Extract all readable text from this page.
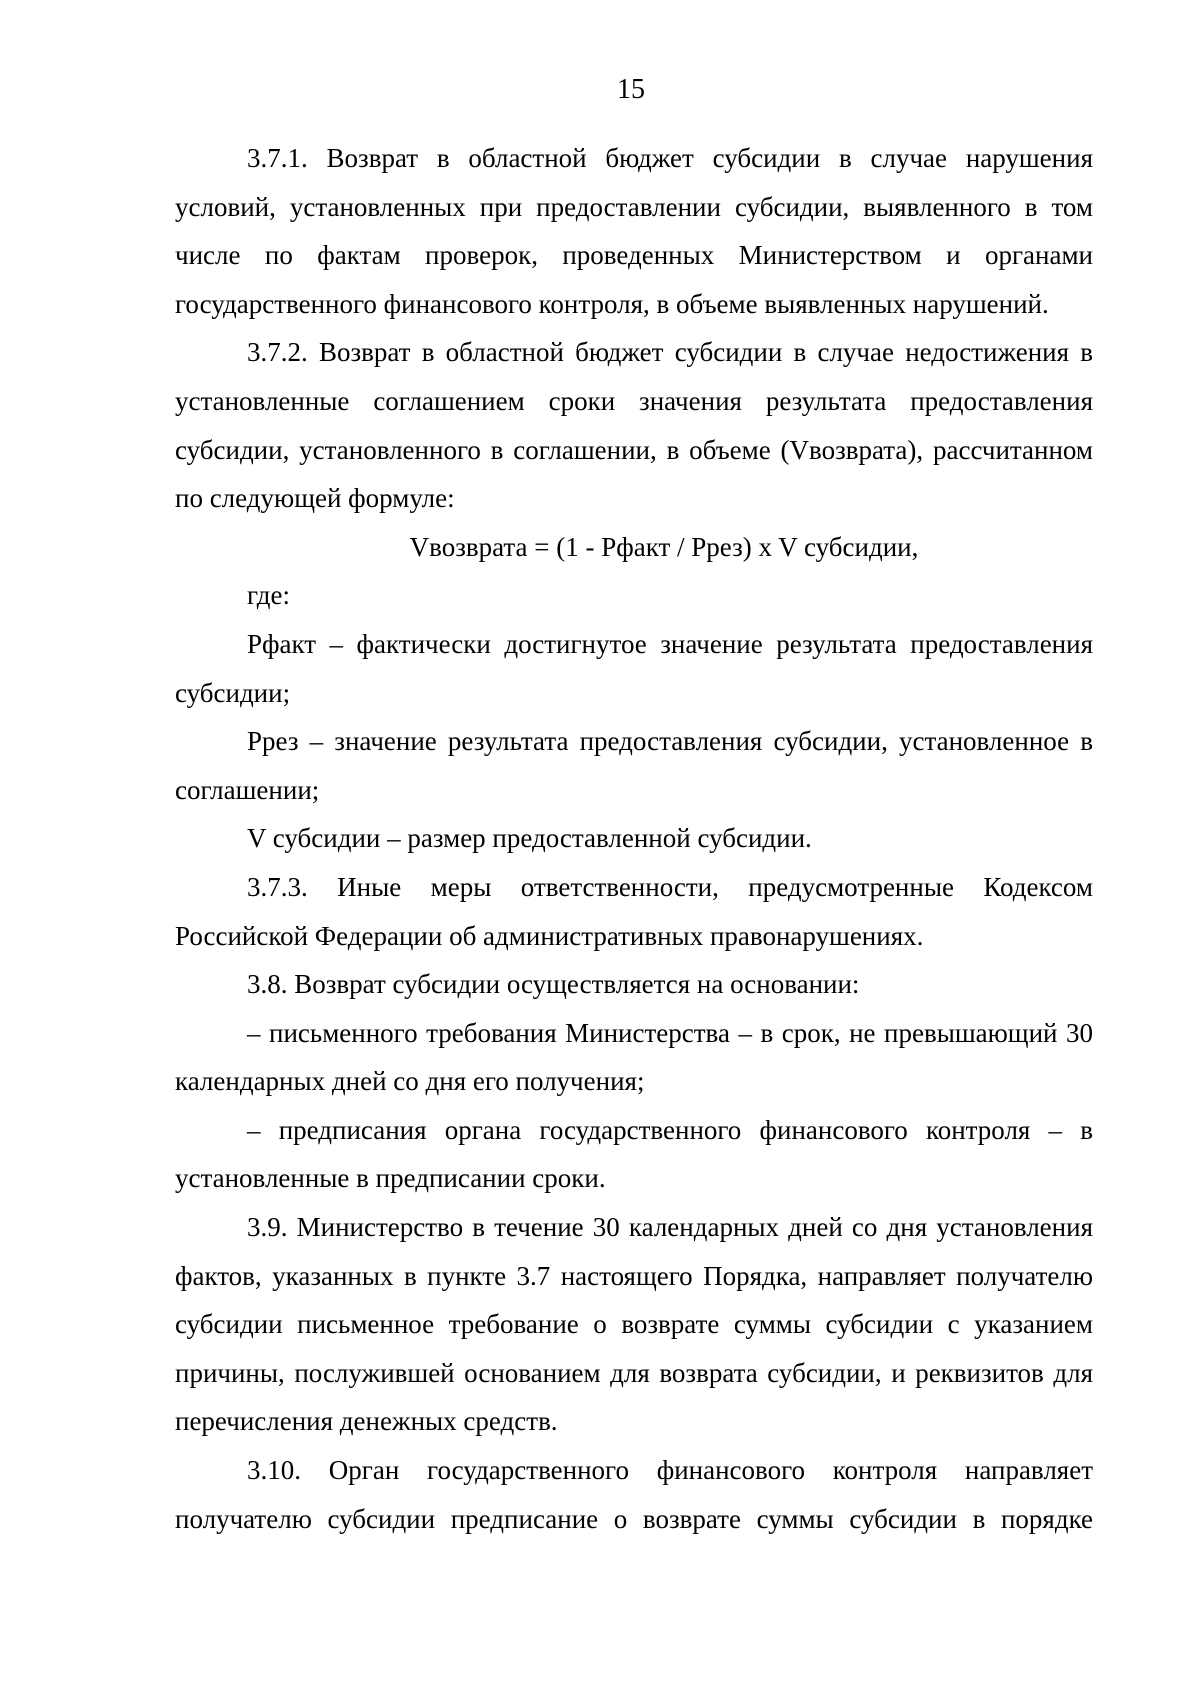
15

3.7.1. Возврат в областной бюджет субсидии в случае нарушения условий, установленных при предоставлении субсидии, выявленного в том числе по фактам проверок, проведенных Министерством и органами государственного финансового контроля, в объеме выявленных нарушений.

3.7.2. Возврат в областной бюджет субсидии в случае недостижения в установленные соглашением сроки значения результата предоставления субсидии, установленного в соглашении, в объеме (Vвозврата), рассчитанном по следующей формуле:

Vвозврата = (1 - Pфакт / Pрез) x V субсидии,

где:

Pфакт – фактически достигнутое значение результата предоставления субсидии;

Pрез – значение результата предоставления субсидии, установленное в соглашении;

V субсидии – размер предоставленной субсидии.

3.7.3. Иные меры ответственности, предусмотренные Кодексом Российской Федерации об административных правонарушениях.

3.8. Возврат субсидии осуществляется на основании:

– письменного требования Министерства – в срок, не превышающий 30 календарных дней со дня его получения;

– предписания органа государственного финансового контроля – в установленные в предписании сроки.

3.9. Министерство в течение 30 календарных дней со дня установления фактов, указанных в пункте 3.7 настоящего Порядка, направляет получателю субсидии письменное требование о возврате суммы субсидии с указанием причины, послужившей основанием для возврата субсидии, и реквизитов для перечисления денежных средств.

3.10. Орган государственного финансового контроля направляет получателю субсидии предписание о возврате суммы субсидии в порядке
